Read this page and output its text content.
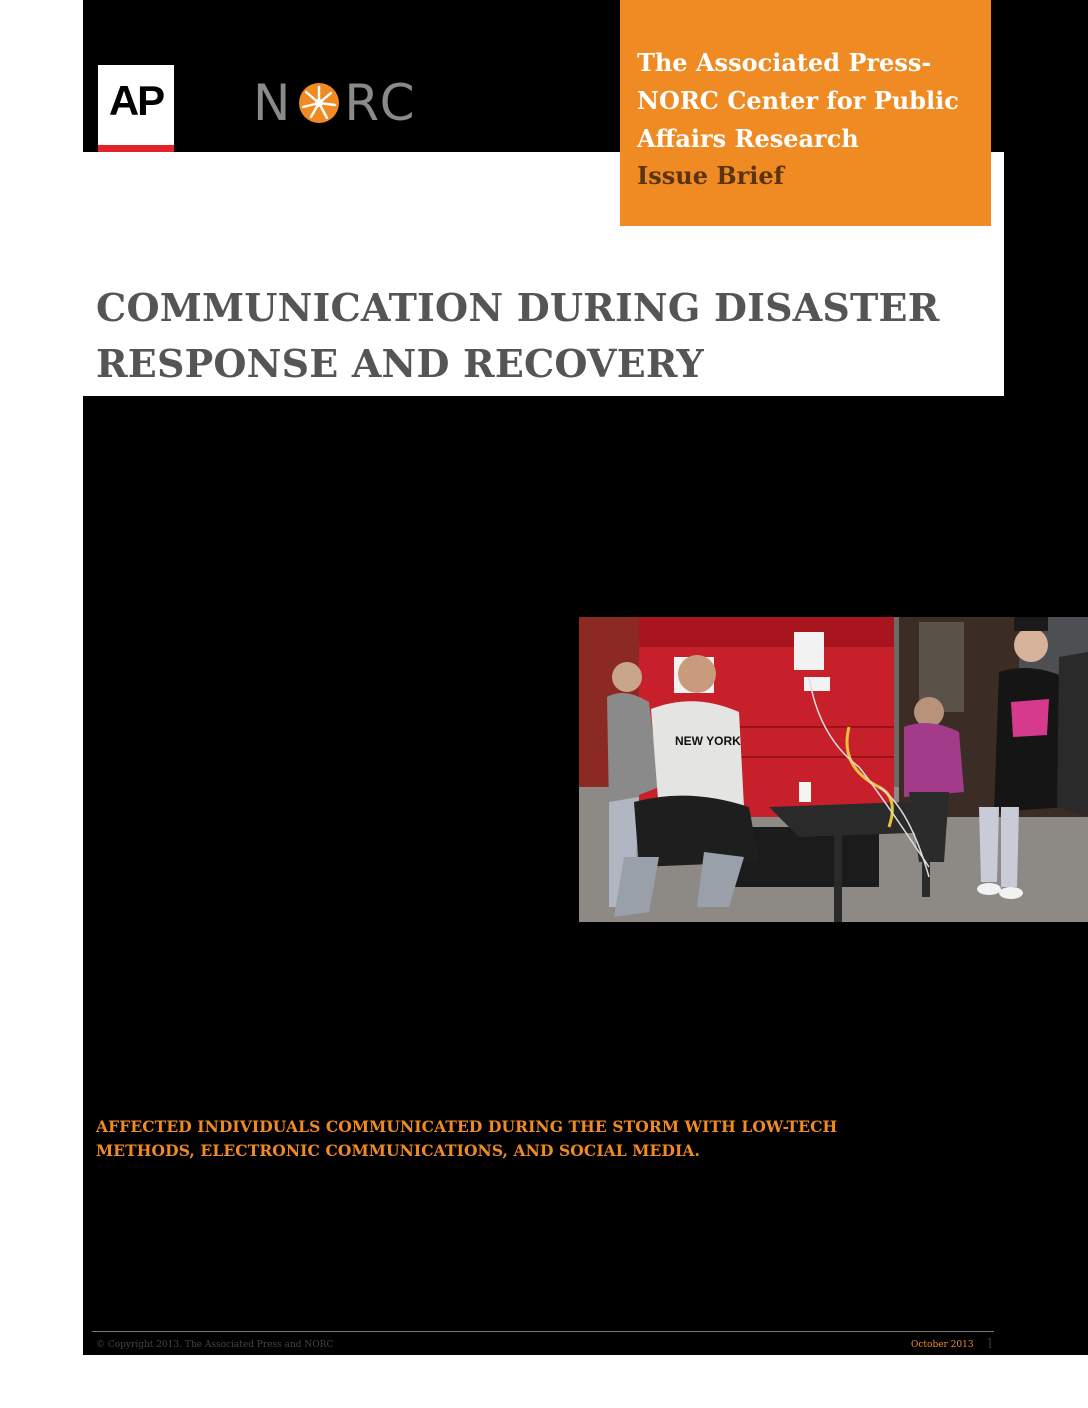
AP N RC

The Associated Press-NORC Center for Public Affairs Research

Issue Brief
COMMUNICATION DURING DISASTER RESPONSE AND RECOVERY
NEW YORK
AFFECTED INDIVIDUALS COMMUNICATED DURING THE STORM WITH LOW-TECH METHODS, ELECTRONIC COMMUNICATIONS, AND SOCIAL MEDIA.
© Copyright 2013. The Associated Press and NORC	October 2013 1
